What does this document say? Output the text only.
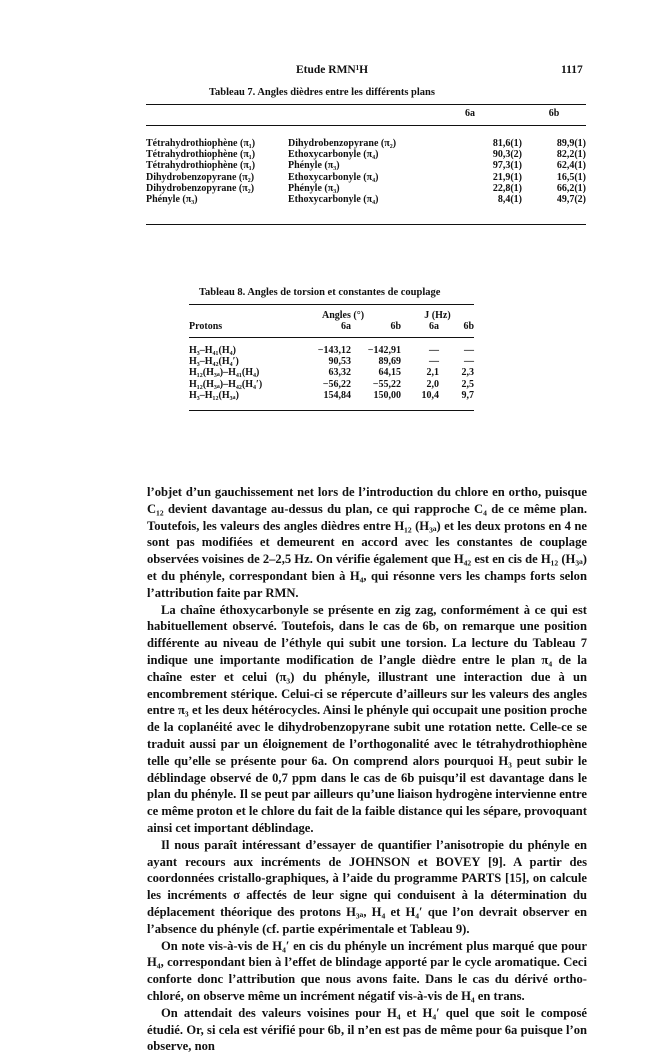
Etude RMN¹H	1117
Tableau 7. Angles dièdres entre les différents plans
		6a	6b
Tétrahydrothiophène (π₁)	Dihydrobenzopyrane (π₂)	81,6(1)	89,9(1)
Tétrahydrothiophène (π₁)	Ethoxycarbonyle (π₄)	90,3(2)	82,2(1)
Tétrahydrothiophène (π₁)	Phényle (π₃)	97,3(1)	62,4(1)
Dihydrobenzopyrane (π₂)	Ethoxycarbonyle (π₄)	21,9(1)	16,5(1)
Dihydrobenzopyrane (π₂)	Phényle (π₃)	22,8(1)	66,2(1)
Phényle (π₃)	Ethoxycarbonyle (π₄)	8,4(1)	49,7(2)
Tableau 8. Angles de torsion et constantes de couplage
	Angles (°)		J (Hz)	
Protons	6a	6b	6a	6b
H₃–H₄₁(H₄)	−143,12	−142,91	—	—
H₃–H₄₂(H₄′)	90,53	89,69	—	—
H₁₂(H₃ₐ)–H₄₁(H₄)	63,32	64,15	2,1	2,3
H₁₂(H₃ₐ)–H₄₂(H₄′)	−56,22	−55,22	2,0	2,5
H₃–H₁₂(H₃ₐ)	154,84	150,00	10,4	9,7

l’objet d’un gauchissement net lors de l’introduction du chlore en ortho, puisque C₁₂ devient davantage au-dessus du plan, ce qui rapproche C₄ de ce même plan. Toutefois, les valeurs des angles dièdres entre H₁₂ (H₃ₐ) et les deux protons en 4 ne sont pas modifiées et demeurent en accord avec les constantes de couplage observées voisines de 2–2,5 Hz. On vérifie également que H₄₂ est en cis de H₁₂ (H₃ₐ) et du phényle, correspondant bien à H₄, qui résonne vers les champs forts selon l’attribution faite par RMN.

La chaîne éthoxycarbonyle se présente en zig zag, conformément à ce qui est habituellement observé. Toutefois, dans le cas de 6b, on remarque une position différente au niveau de l’éthyle qui subit une torsion. La lecture du Tableau 7 indique une importante modification de l’angle dièdre entre le plan π₄ de la chaîne ester et celui (π₃) du phényle, illustrant une interaction due à un encombrement stérique. Celui-ci se répercute d’ailleurs sur les valeurs des angles entre π₃ et les deux hétérocycles. Ainsi le phényle qui occupait une position proche de la coplanéité avec le dihydrobenzopyrane subit une rotation nette. Celle-ce se traduit aussi par un éloignement de l’orthogonalité avec le tétrahydrothiophène telle qu’elle se présente pour 6a. On comprend alors pourquoi H₃ peut subir le déblindage observé de 0,7 ppm dans le cas de 6b puisqu’il est davantage dans le plan du phényle. Il se peut par ailleurs qu’une liaison hydrogène intervienne entre ce même proton et le chlore du fait de la faible distance qui les sépare, provoquant ainsi cet important déblindage.

Il nous paraît intéressant d’essayer de quantifier l’anisotropie du phényle en ayant recours aux incréments de JOHNSON et BOVEY [9]. A partir des coordonnées cristallo-graphiques, à l’aide du programme PARTS [15], on calcule les incréments σ affectés de leur signe qui conduisent à la détermination du déplacement théorique des protons H₃ₐ, H₄ et H₄′ que l’on devrait observer en l’absence du phényle (cf. partie expérimentale et Tableau 9).

On note vis-à-vis de H₄′ en cis du phényle un incrément plus marqué que pour H₄, correspondant bien à l’effet de blindage apporté par le cycle aromatique. Ceci conforte donc l’attribution que nous avons faite. Dans le cas du dérivé ortho-chloré, on observe même un incrément négatif vis-à-vis de H₄ en trans.

On attendait des valeurs voisines pour H₄ et H₄′ quel que soit le composé étudié. Or, si cela est vérifié pour 6b, il n’en est pas de même pour 6a puisque l’on observe, non
